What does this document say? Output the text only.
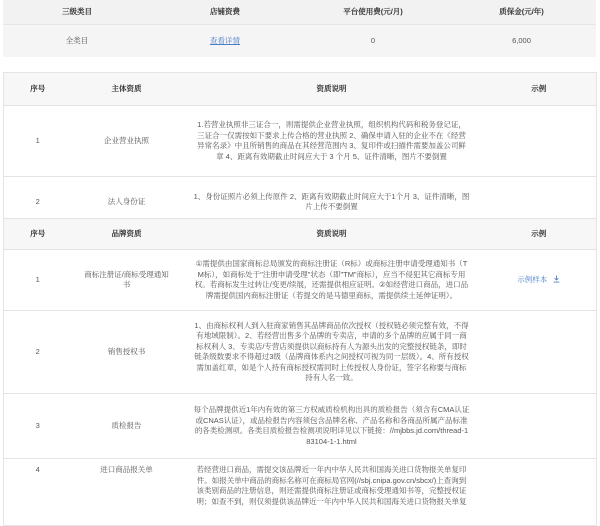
三级类目	店铺资费	平台使用费(元/月)	质保金(元/年)
全类目	查看详情	0	6,000
序号	主体资质	资质说明	示例
1	企业营业执照	1.若营业执照非三证合一，则需提供企业营业执照，组织机构代码和税务登记证，三证合一仅需按如下要求上传合格的营业执照 2、确保申请入驻的企业不在《经营异常名录》中且所销售的商品在其经营范围内 3、复印件或扫描件需要加盖公司鲜章 4、距离有效期截止时间应大于 3 个月 5、证件清晰，图片不要倒置	
2	法人身份证	1、身份证照片必须上传原件 2、距离有效期截止时间应大于1个月 3、证件清晰，图片上传不要倒置	
序号	品牌资质	资质说明	示例
1	商标注册证/商标受理通知书	①需提供由国家商标总局颁发的商标注册证（R标）或商标注册申请受理通知书（TM标），如商标处于"注册申请受理"状态（即"TM"商标），应当不侵犯其它商标专用权。若商标发生过转让/变更/续展，还需提供相应证明。②如经营进口商品，进口品牌需提供国内商标注册证（若提交的是马德里商标，需提供续土延伸证明）。	示例样本
2	销售授权书	1、由商标权利人到入驻商家销售其品牌商品依次授权（授权链必须完整有效，不得有地域限制）。2、若经营出售多个品牌的专卖店，申请的多个品牌的应属于同一商标权利人 3、专卖店/专营店须提供以商标持有人为源头出发的完整授权链条，即时链条级数要求不得超过3级（品牌商体系内之间授权可视为同一层级）。4、所有授权需加盖红章，如是个人持有商标授权需同时上传授权人身份证，签字名称要与商标持有人名一致。	
3	质检报告	每个品牌提供近1年内有效的第三方权威质检机构出具的质检报告（须含有CMA认证或CNAS认证），或品检报告内容须包含品牌名称、产品名称和各商品所属产品标准的各类检测项。各类目质检报告检测项说明详见以下链接：//mjbbs.jd.com/thread-183104-1-1.html	
4	进口商品报关单	若经营进口商品，需提交该品牌近一年内中华人民共和国海关进口货物报关单复印件。如报关单中商品的商标名称可在商标局官网(//sbj.cnipa.gov.cn/sbcx/)上查询到该类别商品的注册信息，则还需提供商标注册证或商标受理通知书等，完整授权证明；如查不到，则仅须提供该品牌近一年内中华人民共和国海关进口货物报关单复	
